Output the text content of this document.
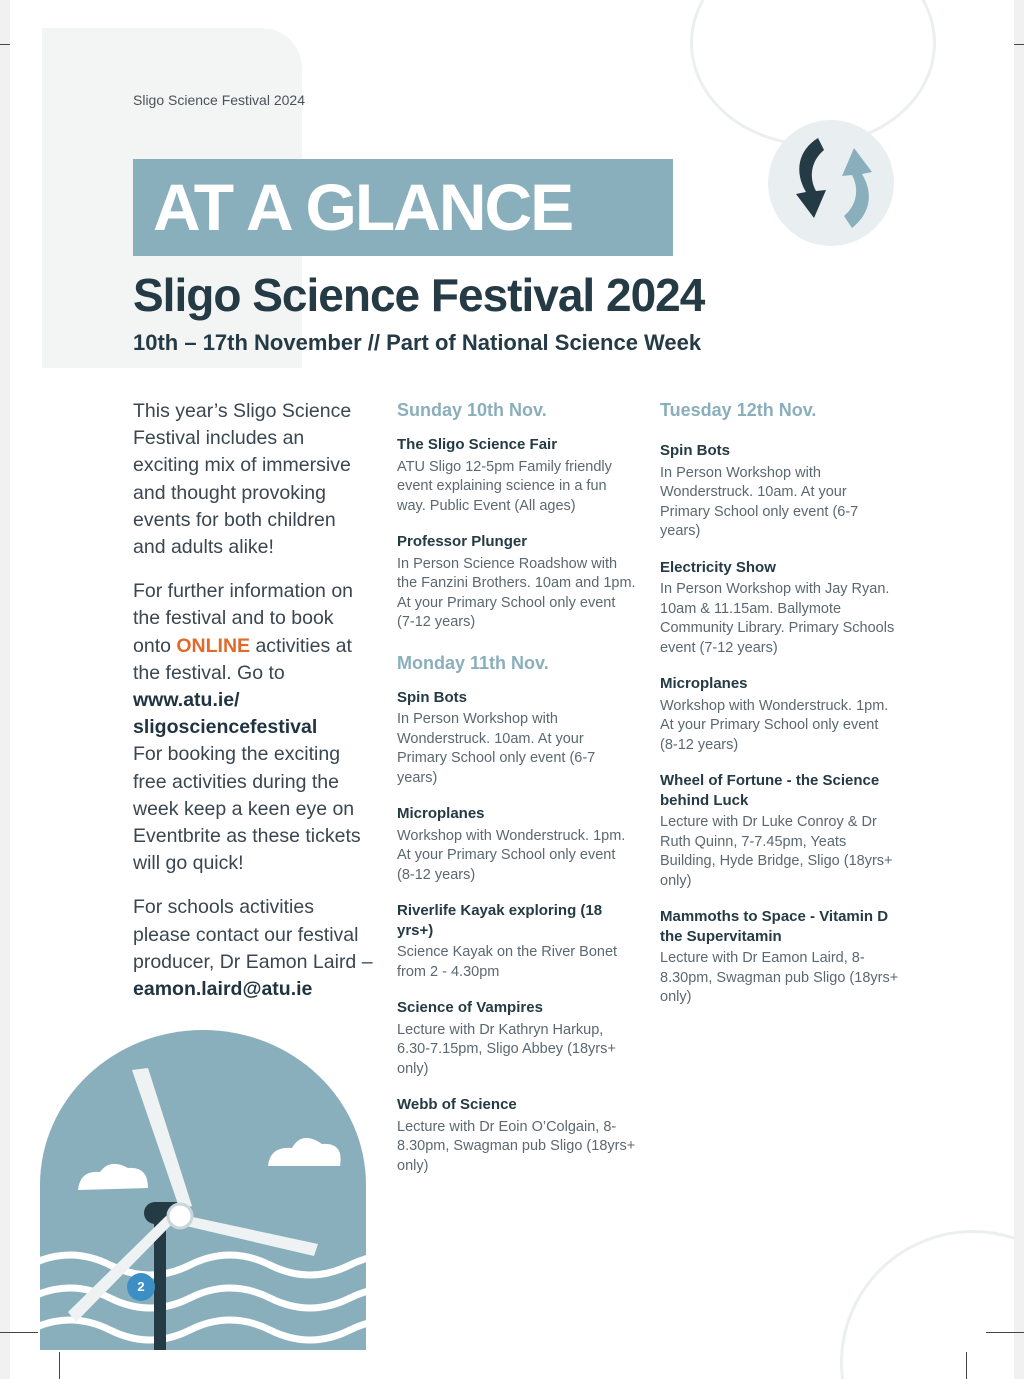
Sligo Science Festival 2024
AT A GLANCE
Sligo Science Festival 2024
10th – 17th November // Part of National Science Week

This year’s Sligo Science Festival includes an exciting mix of immersive and thought provoking events for both children and adults alike!

For further information on the festival and to book onto ONLINE activities at the festival. Go to www.atu.ie/ sligosciencefestival
For booking the exciting free activities during the week keep a keen eye on Eventbrite as these tickets will go quick!

For schools activities please contact our festival producer, Dr Eamon Laird – eamon.laird@atu.ie

Sunday 10th Nov.
The Sligo Science Fair
ATU Sligo 12-5pm Family friendly event explaining science in a fun way. Public Event (All ages)
Professor Plunger
In Person Science Roadshow with the Fanzini Brothers. 10am and 1pm. At your Primary School only event (7-12 years)
Monday 11th Nov.
Spin Bots
In Person Workshop with Wonderstruck. 10am. At your Primary School only event (6-7 years)
Microplanes
Workshop with Wonderstruck. 1pm. At your Primary School only event (8-12 years)
Riverlife Kayak exploring (18 yrs+)
Science Kayak on the River Bonet from 2 - 4.30pm
Science of Vampires
Lecture with Dr Kathryn Harkup, 6.30-7.15pm, Sligo Abbey (18yrs+ only)
Webb of Science
Lecture with Dr Eoin O’Colgain, 8-8.30pm, Swagman pub Sligo (18yrs+ only)
Tuesday 12th Nov.
Spin Bots
In Person Workshop with Wonderstruck. 10am. At your Primary School only event (6-7 years)
Electricity Show
In Person Workshop with Jay Ryan. 10am & 11.15am. Ballymote Community Library. Primary Schools event (7-12 years)
Microplanes
Workshop with Wonderstruck. 1pm. At your Primary School only event (8-12 years)
Wheel of Fortune - the Science behind Luck
Lecture with Dr Luke Conroy & Dr Ruth Quinn, 7-7.45pm, Yeats Building, Hyde Bridge, Sligo (18yrs+ only)
Mammoths to Space - Vitamin D the Supervitamin
Lecture with Dr Eamon Laird, 8-8.30pm, Swagman pub Sligo (18yrs+ only)
2
